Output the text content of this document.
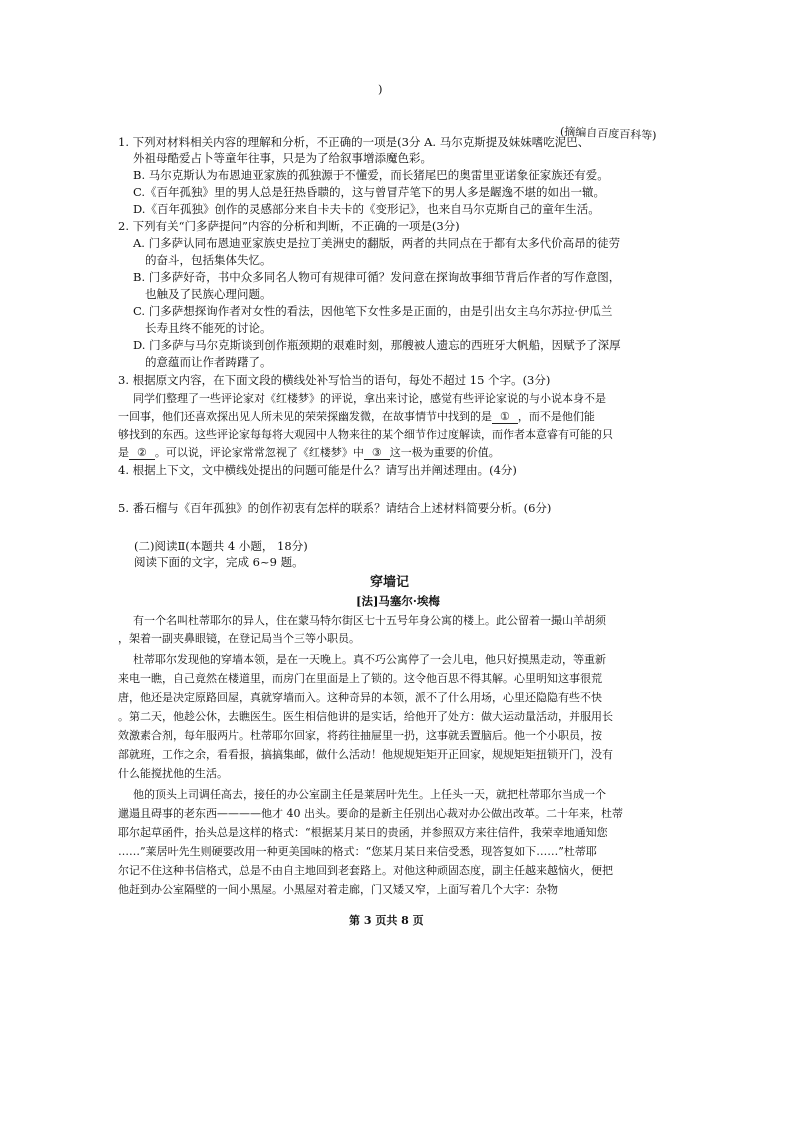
)
1. 下列对材料相关内容的理解和分析，不正确的一项是(3分 A. 马尔克斯提及妹妹嗜吃泥巴、
(摘编自百度百科等)
外祖母酷爱占卜等童年往事，只是为了给叙事增添魔色彩。
B. 马尔克斯认为布恩迪亚家族的孤独源于不懂爱，而长猪尾巴的奥雷里亚诺象征家族还有爱。
C.《百年孤独》里的男人总是狂热昏聩的，这与曾冒芹笔下的男人多是龌逸不堪的如出一辙。
D.《百年孤独》创作的灵感部分来自卡夫卡的《变形记》，也来自马尔克斯自己的童年生活。
2. 下列有关“门多萨提问”内容的分析和判断，不正确的一项是(3分)
A. 门多萨认同布恩迪亚家族史是拉丁美洲史的翻版，两者的共同点在于都有太多代价高昂的徒劳
的奋斗，包括集体失忆。
B. 门多萨好奇，书中众多同名人物可有规律可循？发问意在探询故事细节背后作者的写作意图，
也触及了民族心理问题。
C. 门多萨想探询作者对女性的看法，因他笔下女性多是正面的，由是引出女主乌尔苏拉·伊瓜兰
长寿且终不能死的讨论。
D. 门多萨与马尔克斯谈到创作瓶颈期的艰难时刻，那艘被人遗忘的西班牙大帆船，因赋予了深厚
的意蕴而让作者踌躇了。
3. 根据原文内容，在下面文段的横线处补写恰当的语句，每处不超过 15 个字。(3分)
同学们整理了一些评论家对《红楼梦》的评说，拿出来讨论，感觉有些评论家说的与小说本身不是
一回事，他们还喜欢探出见人所未见的荣荣探幽发微，在故事情节中找到的是 ① ，而不是他们能
够找到的东西。这些评论家每每将大观园中人物来往的某个细节作过度解读，而作者本意睿有可能的只
是 ② 。可以说，评论家常常忽视了《红楼梦》中 ③ 这一极为重要的价值。
4. 根据上下文，文中横线处提出的问题可能是什么？请写出并阐述理由。(4分)
5. 番石榴与《百年孤独》的创作初衷有怎样的联系？请结合上述材料简要分析。(6分)
(二)阅读Ⅱ(本题共 4 小题， 18分)
阅读下面的文字，完成 6~9 题。
穿墙记
[法]马塞尔·埃梅
有一个名叫杜蒂耶尔的异人，住在蒙马特尔街区七十五号年身公寓的楼上。此公留着一撮山羊胡须
，架着一副夹鼻眼镜，在登记局当个三等小职员。
杜蒂耶尔发现他的穿墙本领，是在一天晚上。真不巧公寓停了一会儿电，他只好摸黑走动，等重新
来电一瞧，自己竟然在楼道里，而房门在里面是上了锁的。这令他百思不得其解。心里明知这事很荒
唐，他还是决定原路回屋，真就穿墙而入。这种奇异的本领，派不了什么用场，心里还隐隐有些不快
。第二天，他趁公休，去瞧医生。医生相信他讲的是实话，给他开了处方：做大运动量活动，并服用长
效激素合剂，每年服两片。杜蒂耶尔回家，将药往抽屉里一扔，这事就丢置脑后。他一个小职员，按
部就班，工作之余，看看报，搞搞集邮，做什么活动！他规规矩矩开正回家，规规矩矩扭锁开门，没有
什么能搅扰他的生活。
他的顶头上司调任高去，接任的办公室副主任是莱居叶先生。上任头一天，就把杜蒂耶尔当成一个
邋遢且碍事的老东西————他才 40 出头。要命的是新主任别出心裁对办公做出改革。二十年来，杜蒂
耶尔起草函件，抬头总是这样的格式：“根据某月某日的贵函，并参照双方来往信件，我荣幸地通知您
……”莱居叶先生则硬要改用一种更美国味的格式：“您某月某日来信受悉，现答复如下……”杜蒂耶
尔记不住这种书信格式，总是不由自主地回到老套路上。对他这种顽固态度，副主任越来越恼火，便把
他赶到办公室隔壁的一间小黑屋。小黑屋对着走廊，门又矮又窄，上面写着几个大字：杂物
第 3 页共 8 页
